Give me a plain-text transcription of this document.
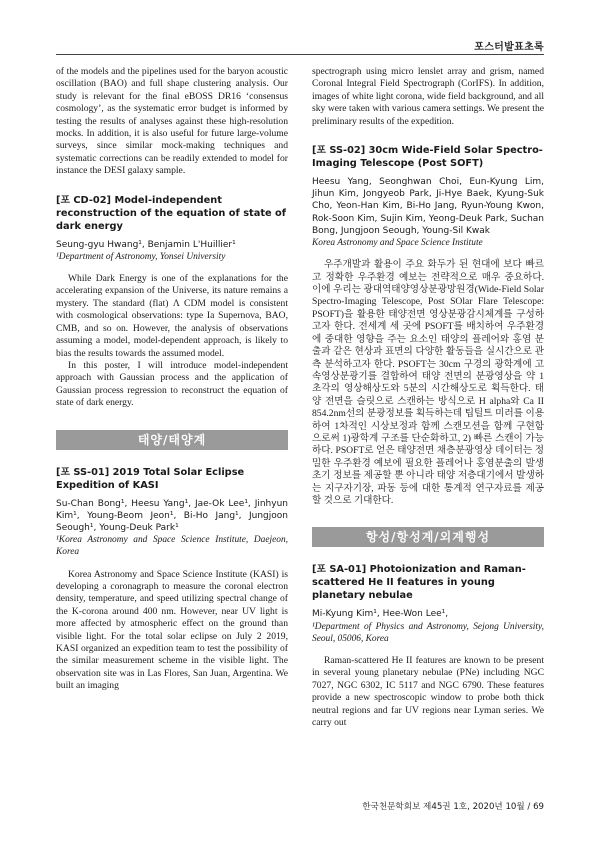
포스터발표초록

of the models and the pipelines used for the baryon acoustic oscillation (BAO) and full shape clustering analysis. Our study is relevant for the final eBOSS DR16 ‘consensus cosmology’, as the systematic error budget is informed by testing the results of analyses against these high-resolution mocks. In addition, it is also useful for future large-volume surveys, since similar mock-making techniques and systematic corrections can be readily extended to model for instance the DESI galaxy sample.

[포 CD-02] Model-independent reconstruction of the equation of state of dark energy

Seung-gyu Hwang¹, Benjamin L'Huillier¹

¹Department of Astronomy, Yonsei University

While Dark Energy is one of the explanations for the accelerating expansion of the Universe, its nature remains a mystery. The standard (flat) Λ CDM model is consistent with cosmological observations: type Ia Supernova, BAO, CMB, and so on. However, the analysis of observations assuming a model, model-dependent approach, is likely to bias the results towards the assumed model.

In this poster, I will introduce model-independent approach with Gaussian process and the application of Gaussian process regression to reconstruct the equation of state of dark energy.

태양/태양계
[포 SS-01] 2019 Total Solar Eclipse Expedition of KASI

Su-Chan Bong¹, Heesu Yang¹, Jae-Ok Lee¹, Jinhyun Kim¹, Young-Beom Jeon¹, Bi-Ho Jang¹, Jungjoon Seough¹, Young-Deuk Park¹

¹Korea Astronomy and Space Science Institute, Daejeon, Korea

Korea Astronomy and Space Science Institute (KASI) is developing a coronagraph to measure the coronal electron density, temperature, and speed utilizing spectral change of the K-corona around 400 nm. However, near UV light is more affected by atmospheric effect on the ground than visible light. For the total solar eclipse on July 2 2019, KASI organized an expedition team to test the possibility of the similar measurement scheme in the visible light. The observation site was in Las Flores, San Juan, Argentina. We built an imaging

spectrograph using micro lenslet array and grism, named Coronal Integral Field Spectrograph (CorIFS). In addition, images of white light corona, wide field background, and all sky were taken with various camera settings. We present the preliminary results of the expedition.

[포 SS-02] 30cm Wide-Field Solar Spectro-Imaging Telescope (Post SOFT)

Heesu Yang, Seonghwan Choi, Eun-Kyung Lim, Jihun Kim, Jongyeob Park, Ji-Hye Baek, Kyung-Suk Cho, Yeon-Han Kim, Bi-Ho Jang, Ryun-Young Kwon, Rok-Soon Kim, Sujin Kim, Yeong-Deuk Park, Suchan Bong, Jungjoon Seough, Young-Sil Kwak

Korea Astronomy and Space Science Institute

우주개발과 활용이 주요 화두가 된 현대에 보다 빠르고 정확한 우주환경 예보는 전략적으로 매우 중요하다. 이에 우리는 광대역태양영상분광망원경(Wide-Field Solar Spectro-Imaging Telescope, Post SOlar Flare Telescope: PSOFT)을 활용한 태양전면 영상분광감시체계를 구성하고자 한다. 전세계 세 곳에 PSOFT를 배치하여 우주환경에 중대한 영향을 주는 요소인 태양의 플레어와 홍염 분출과 같은 현상과 표면의 다양한 활동들을 실시간으로 관측 분석하고자 한다. PSOFT는 30cm 구경의 광학계에 고속영상분광기를 결합하여 태양 전면의 분광영상을 약 1초각의 영상해상도와 5분의 시간해상도로 획득한다. 태양 전면을 슬릿으로 스캔하는 방식으로 H alpha와 Ca II 854.2nm선의 분광정보를 획득하는데 팁틸트 미러를 이용하여 1차적인 시상보정과 함께 스캔모션을 함께 구현함으로써 1)광학계 구조를 단순화하고, 2) 빠른 스캔이 가능하다. PSOFT로 얻은 태양전면 채층분광영상 데이터는 정밀한 우주환경 예보에 필요한 플레어나 홍염분출의 발생초기 정보를 제공할 뿐 아니라 태양 저층대기에서 발생하는 지구자기장, 파동 등에 대한 통계적 연구자료를 제공할 것으로 기대한다.

항성/항성계/외계행성
[포 SA-01] Photoionization and Raman-scattered He II features in young planetary nebulae

Mi-Kyung Kim¹, Hee-Won Lee¹,

¹Department of Physics and Astronomy, Sejong University, Seoul, 05006, Korea

Raman-scattered He II features are known to be present in several young planetary nebulae (PNe) including NGC 7027, NGC 6302, IC 5117 and NGC 6790. These features provide a new spectroscopic window to probe both thick neutral regions and far UV regions near Lyman series. We carry out

한국천문학회보 제45권 1호, 2020년 10월 / 69
